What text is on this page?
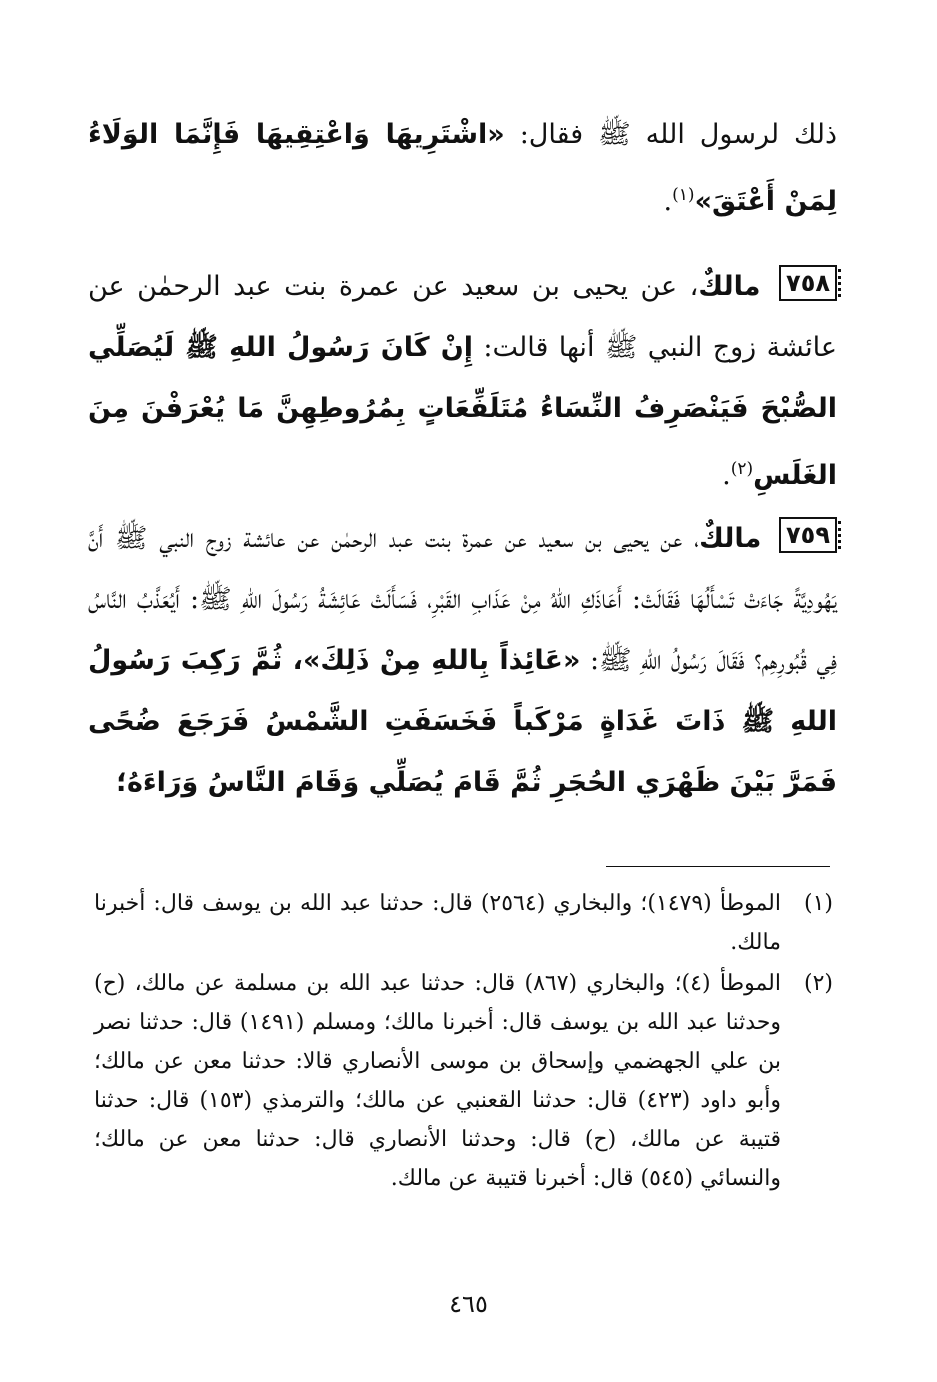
ذلك لرسول الله ﷺ فقال: «اشْتَرِيهَا وَاعْتِقِيهَا فَإِنَّمَا الوَلَاءُ لِمَنْ أَعْتَقَ»$^{(١)}$.
٧٥٨ مالكٌ، عن يحيى بن سعيد عن عمرة بنت عبد الرحمٰن عن عائشة زوج النبي ﷺ أنها قالت: إِنْ كَانَ رَسُولُ اللهِ ﷺ لَيُصَلِّي الصُّبْحَ فَيَنْصَرِفُ النِّسَاءُ مُتَلَفِّعَاتٍ بِمُرُوطِهِنَّ مَا يُعْرَفْنَ مِنَ الغَلَسِ$^{(٢)}$.
٧٥٩ مالكٌ، عن يحيى بن سعيد عن عمرة بنت عبد الرحمٰن عن عائشة زوج النبي ﷺ أَنَّ يَهُودِيَّةً جَاءَتْ تَسْأَلُهَا فَقَالَتْ: أَعَاذَكِ اللهُ مِنْ عَذَابِ القَبْرِ، فَسَأَلَتْ عَائِشَةُ رَسُولَ اللهِ ﷺ: أَيُعَذَّبُ النَّاسُ فِي قُبُورِهِم؟ فَقَالَ رَسُولُ اللهِ ﷺ: «عَائِذاً بِاللهِ مِنْ ذَلِكَ»، ثُمَّ رَكِبَ رَسُولُ اللهِ ﷺ ذَاتَ غَدَاةٍ مَرْكَباً فَخَسَفَتِ الشَّمْسُ فَرَجَعَ ضُحًى فَمَرَّ بَيْنَ ظَهْرَي الحُجَرِ ثُمَّ قَامَ يُصَلِّي وَقَامَ النَّاسُ وَرَاءَهُ؛
(١)
الموطأ (١٤٧٩)؛ والبخاري (٢٥٦٤) قال: حدثنا عبد الله بن يوسف قال: أخبرنا مالك.
(٢)
الموطأ (٤)؛ والبخاري (٨٦٧) قال: حدثنا عبد الله بن مسلمة عن مالك، (ح) وحدثنا عبد الله بن يوسف قال: أخبرنا مالك؛ ومسلم (١٤٩١) قال: حدثنا نصر بن علي الجهضمي وإسحاق بن موسى الأنصاري قالا: حدثنا معن عن مالك؛ وأبو داود (٤٢٣) قال: حدثنا القعنبي عن مالك؛ والترمذي (١٥٣) قال: حدثنا قتيبة عن مالك، (ح) قال: وحدثنا الأنصاري قال: حدثنا معن عن مالك؛ والنسائي (٥٤٥) قال: أخبرنا قتيبة عن مالك.
٤٦٥
